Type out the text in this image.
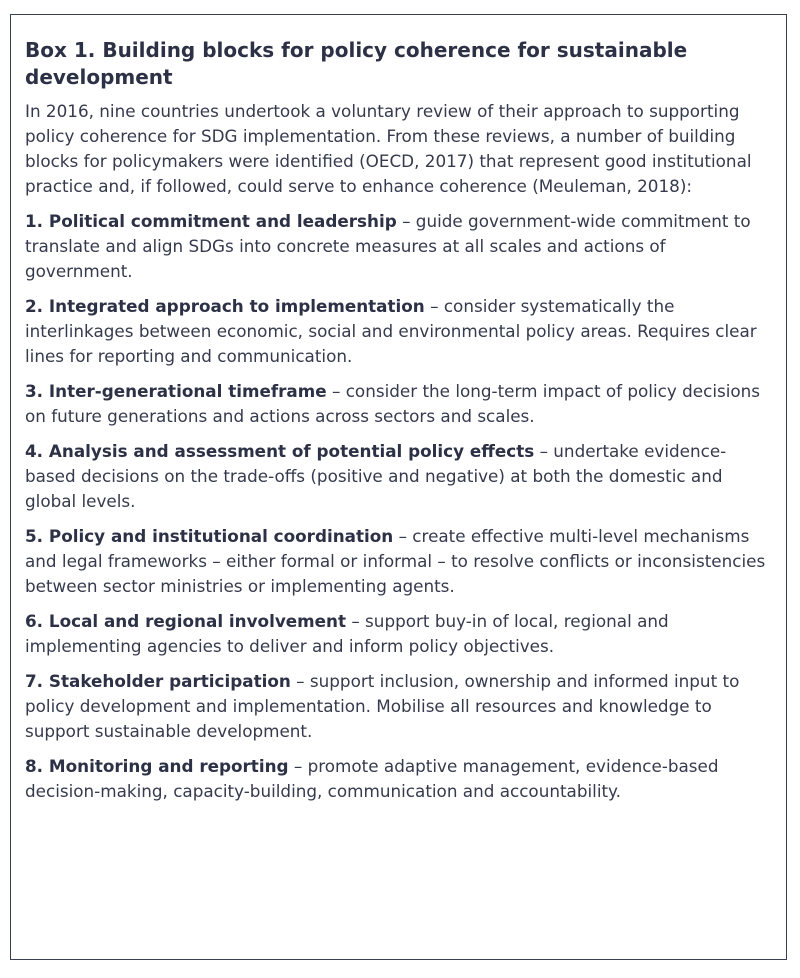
Box 1. Building blocks for policy coherence for sustainable development

In 2016, nine countries undertook a voluntary review of their approach to supporting policy coherence for SDG implementation. From these reviews, a number of building blocks for policymakers were identified (OECD, 2017) that represent good institutional practice and, if followed, could serve to enhance coherence (Meuleman, 2018):

1. Political commitment and leadership – guide government-wide commitment to translate and align SDGs into concrete measures at all scales and actions of government.

2. Integrated approach to implementation – consider systematically the interlinkages between economic, social and environmental policy areas. Requires clear lines for reporting and communication.

3. Inter-generational timeframe – consider the long-term impact of policy decisions on future generations and actions across sectors and scales.

4. Analysis and assessment of potential policy effects – undertake evidence-based decisions on the trade-offs (positive and negative) at both the domestic and global levels.

5. Policy and institutional coordination – create effective multi-level mechanisms and legal frameworks – either formal or informal – to resolve conflicts or inconsistencies between sector ministries or implementing agents.

6. Local and regional involvement – support buy-in of local, regional and implementing agencies to deliver and inform policy objectives.

7. Stakeholder participation – support inclusion, ownership and informed input to policy development and implementation. Mobilise all resources and knowledge to support sustainable development.

8. Monitoring and reporting – promote adaptive management, evidence-based decision-making, capacity-building, communication and accountability.
